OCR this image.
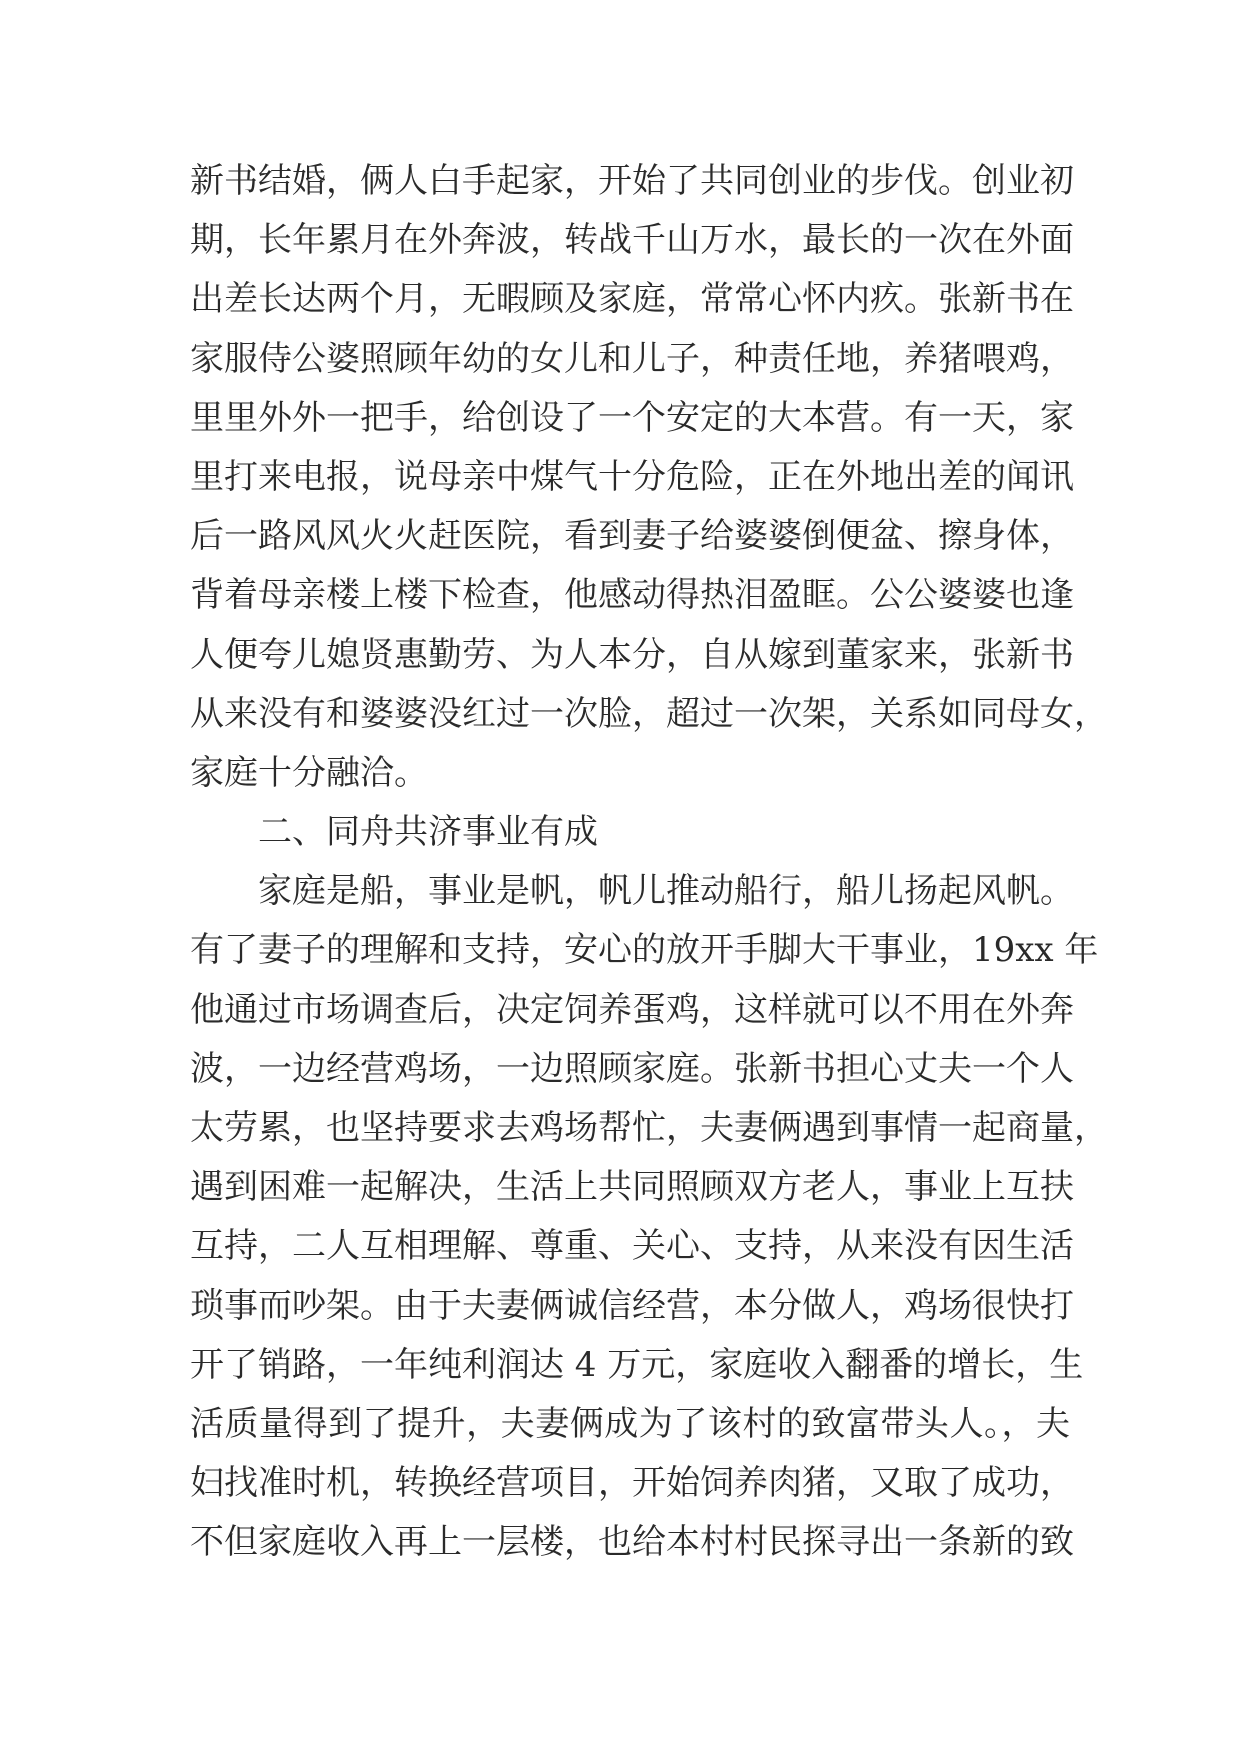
新书结婚，俩人白手起家，开始了共同创业的步伐。创业初
期，长年累月在外奔波，转战千山万水，最长的一次在外面
出差长达两个月，无暇顾及家庭，常常心怀内疚。张新书在
家服侍公婆照顾年幼的女儿和儿子，种责任地，养猪喂鸡，
里里外外一把手，给创设了一个安定的大本营。有一天，家
里打来电报，说母亲中煤气十分危险，正在外地出差的闻讯
后一路风风火火赶医院，看到妻子给婆婆倒便盆、擦身体，
背着母亲楼上楼下检查，他感动得热泪盈眶。公公婆婆也逢
人便夸儿媳贤惠勤劳、为人本分，自从嫁到董家来，张新书
从来没有和婆婆没红过一次脸，超过一次架，关系如同母女，
家庭十分融洽。
二、同舟共济事业有成
家庭是船，事业是帆，帆儿推动船行，船儿扬起风帆。
有了妻子的理解和支持，安心的放开手脚大干事业，19xx 年
他通过市场调查后，决定饲养蛋鸡，这样就可以不用在外奔
波，一边经营鸡场，一边照顾家庭。张新书担心丈夫一个人
太劳累，也坚持要求去鸡场帮忙，夫妻俩遇到事情一起商量，
遇到困难一起解决，生活上共同照顾双方老人，事业上互扶
互持，二人互相理解、尊重、关心、支持，从来没有因生活
琐事而吵架。由于夫妻俩诚信经营，本分做人，鸡场很快打
开了销路，一年纯利润达 4 万元，家庭收入翻番的增长，生
活质量得到了提升，夫妻俩成为了该村的致富带头人。，夫
妇找准时机，转换经营项目，开始饲养肉猪，又取了成功，
不但家庭收入再上一层楼，也给本村村民探寻出一条新的致
